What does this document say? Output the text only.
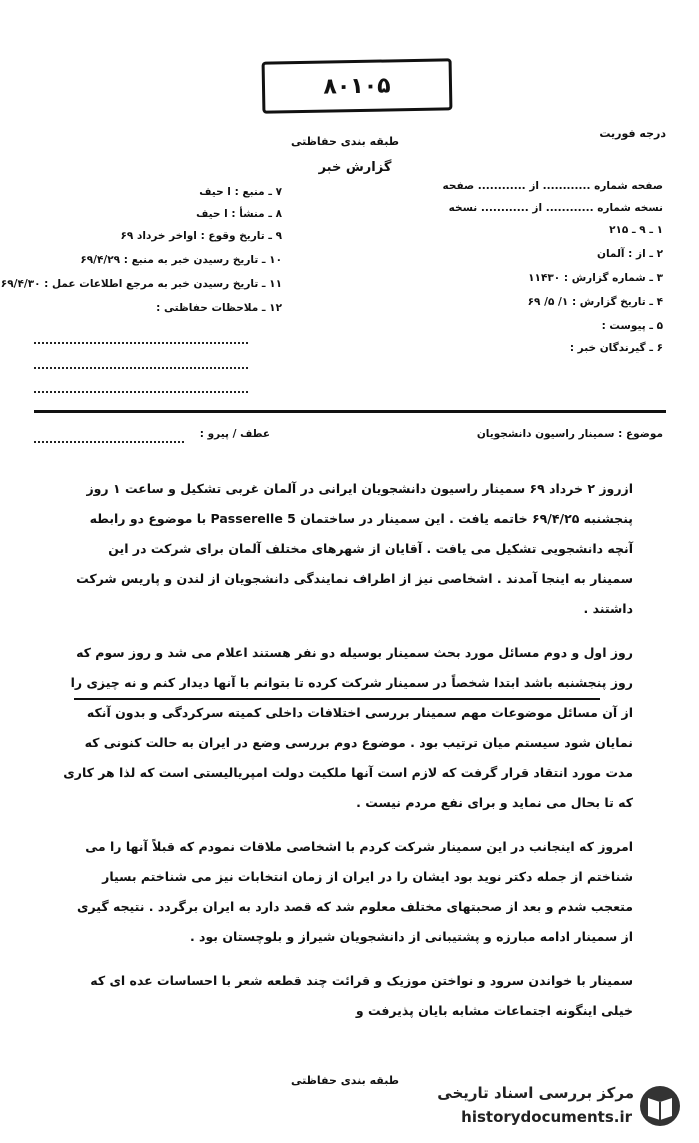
۸۰۱۰۵
طبقه بندی حفاظتی
درجه فوریت
گزارش خبر
صفحه شماره ............ از ............ صفحه
نسخه شماره ............ از ............ نسخه
۱ ـ ۹ ـ ۲۱۵
۲ ـ از : آلمان
۳ ـ شماره گزارش : ۱۱۴۳۰
۴ ـ تاریخ گزارش : ۱/ ۵/ ۶۹
۵ ـ پیوست :
۶ ـ گیرندگان خبر :
۷ ـ منبع : ا حیف
۸ ـ منشأ : ا حیف
۹ ـ تاریخ وقوع : اواخر خرداد ۶۹
۱۰ ـ تاریخ رسیدن خبر به منبع : ۶۹/۴/۲۹
۱۱ ـ تاریخ رسیدن خبر به مرجع اطلاعات عمل : ۶۹/۴/۳۰
۱۲ ـ ملاحظات حفاظتی :
موضوع : سمینار راسیون دانشجویان
عطف / پیرو :

ازروز ۲ خرداد ۶۹ سمینار راسیون دانشجویان ایرانی در آلمان غربی تشکیل و ساعت ۱ روز پنجشنبه ۶۹/۴/۲۵ خاتمه یافت . این سمینار در ساختمان Passerelle 5 با موضوع دو رابطه آنچه دانشجویی تشکیل می یافت . آقایان از شهرهای مختلف آلمان برای شرکت در این سمینار به اینجا آمدند . اشخاصی نیز از اطراف نمایندگی دانشجویان از لندن و پاریس شرکت داشتند .

روز اول و دوم مسائل مورد بحث سمینار بوسیله دو نفر هستند اعلام می شد و روز سوم که روز پنجشنبه باشد ابتدا شخصاً در سمینار شرکت کرده تا بتوانم با آنها دیدار کنم و نه چیزی را از آن مسائل موضوعات مهم سمینار بررسی اختلافات داخلی کمیته سرکردگی و بدون آنکه نمایان شود سیستم میان ترتیب بود . موضوع دوم بررسی وضع در ایران به حالت کنونی که مدت مورد انتقاد قرار گرفت که لازم است آنها ملکیت دولت امپریالیستی است که لذا هر کاری که تا بحال می نماید و برای نفع مردم نیست .

امروز که اینجانب در این سمینار شرکت کردم با اشخاصی ملاقات نمودم که قبلاً آنها را می شناختم از جمله دکتر نوید بود ایشان را در ایران از زمان انتخابات نیز می شناختم بسیار متعجب شدم و بعد از صحبتهای مختلف معلوم شد که قصد دارد به ایران برگردد . نتیجه گیری از سمینار ادامه مبارزه و پشتیبانی از دانشجویان شیراز و بلوچستان بود .

سمینار با خواندن سرود و نواختن موزیک و قرائت چند قطعه شعر با احساسات عده ای که خیلی اینگونه اجتماعات مشابه بایان پذیرفت و

طبقه بندی حفاظتی
مرکز بررسی اسناد تاریخی
historydocuments.ir
